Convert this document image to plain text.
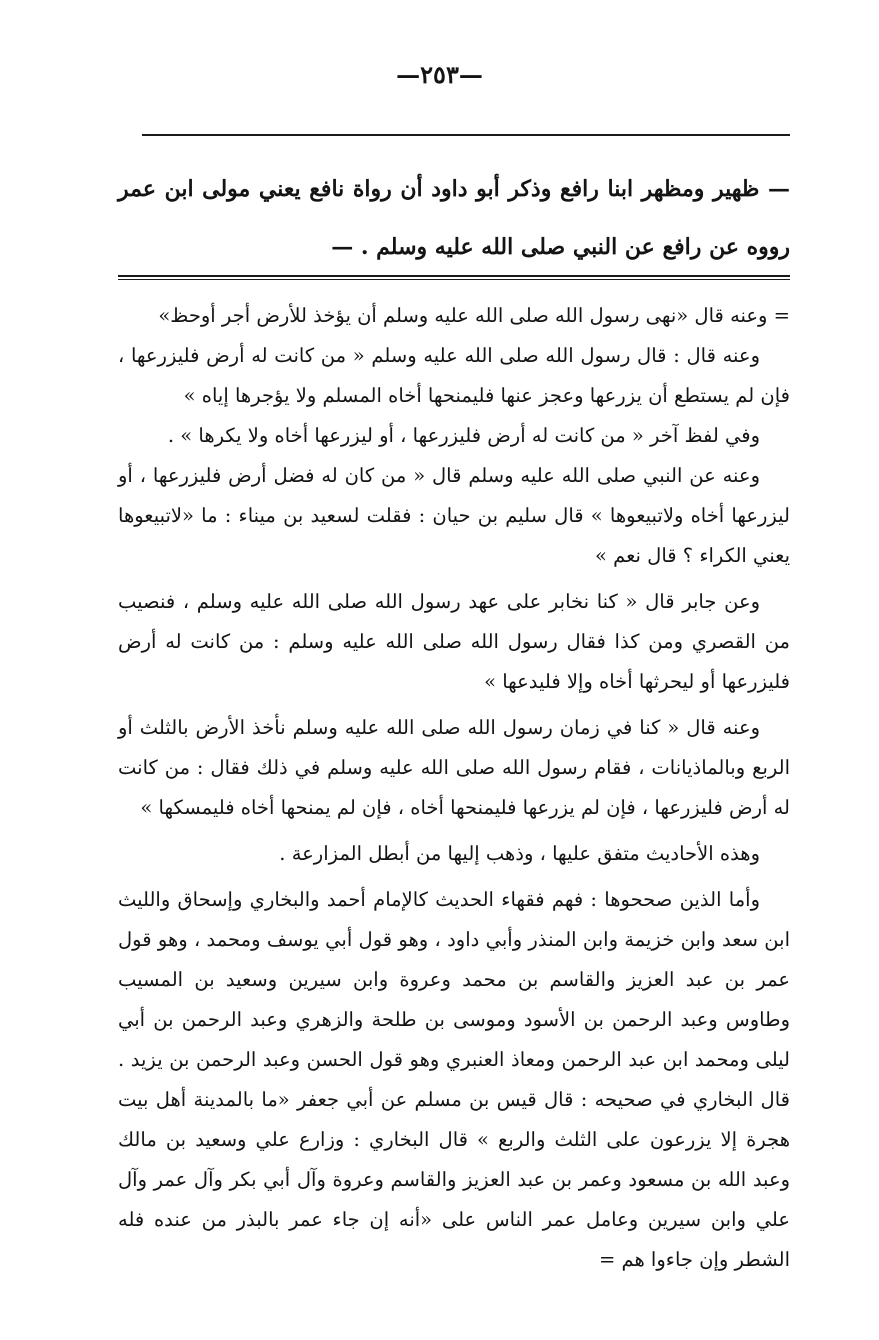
—٢٥٣—
— ظهير ومظهر ابنا رافع وذكر أبو داود أن رواة نافع يعني مولى ابن عمر رووه عن رافع عن النبي صلى الله عليه وسلم . —

= وعنه قال «نهى رسول الله صلى الله عليه وسلم أن يؤخذ للأرض أجر أوحظ»

وعنه قال : قال رسول الله صلى الله عليه وسلم « من كانت له أرض فليزرعها ، فإن لم يستطع أن يزرعها وعجز عنها فليمنحها أخاه المسلم ولا يؤجرها إياه »

وفي لفظ آخر « من كانت له أرض فليزرعها ، أو ليزرعها أخاه ولا يكرها » .

وعنه عن النبي صلى الله عليه وسلم قال « من كان له فضل أرض فليزرعها ، أو ليزرعها أخاه ولاتبيعوها » قال سليم بن حيان : فقلت لسعيد بن ميناء : ما «لاتبيعوها يعني الكراء ؟ قال نعم »

وعن جابر قال « كنا نخابر على عهد رسول الله صلى الله عليه وسلم ، فنصيب من القصري ومن كذا فقال رسول الله صلى الله عليه وسلم : من كانت له أرض فليزرعها أو ليحرثها أخاه وإلا فليدعها »

وعنه قال « كنا في زمان رسول الله صلى الله عليه وسلم نأخذ الأرض بالثلث أو الربع وبالماذيانات ، فقام رسول الله صلى الله عليه وسلم في ذلك فقال : من كانت له أرض فليزرعها ، فإن لم يزرعها فليمنحها أخاه ، فإن لم يمنحها أخاه فليمسكها »

وهذه الأحاديث متفق عليها ، وذهب إليها من أبطل المزارعة .

وأما الذين صححوها : فهم فقهاء الحديث كالإمام أحمد والبخاري وإسحاق والليث ابن سعد وابن خزيمة وابن المنذر وأبي داود ، وهو قول أبي يوسف ومحمد ، وهو قول عمر بن عبد العزيز والقاسم بن محمد وعروة وابن سيرين وسعيد بن المسيب وطاوس وعبد الرحمن بن الأسود وموسى بن طلحة والزهري وعبد الرحمن بن أبي ليلى ومحمد ابن عبد الرحمن ومعاذ العنبري وهو قول الحسن وعبد الرحمن بن يزيد . قال البخاري في صحيحه : قال قيس بن مسلم عن أبي جعفر «ما بالمدينة أهل بيت هجرة إلا يزرعون على الثلث والربع » قال البخاري : وزارع علي وسعيد بن مالك وعبد الله بن مسعود وعمر بن عبد العزيز والقاسم وعروة وآل أبي بكر وآل عمر وآل علي وابن سيرين وعامل عمر الناس على «أنه إن جاء عمر بالبذر من عنده فله الشطر وإن جاءوا هم =
